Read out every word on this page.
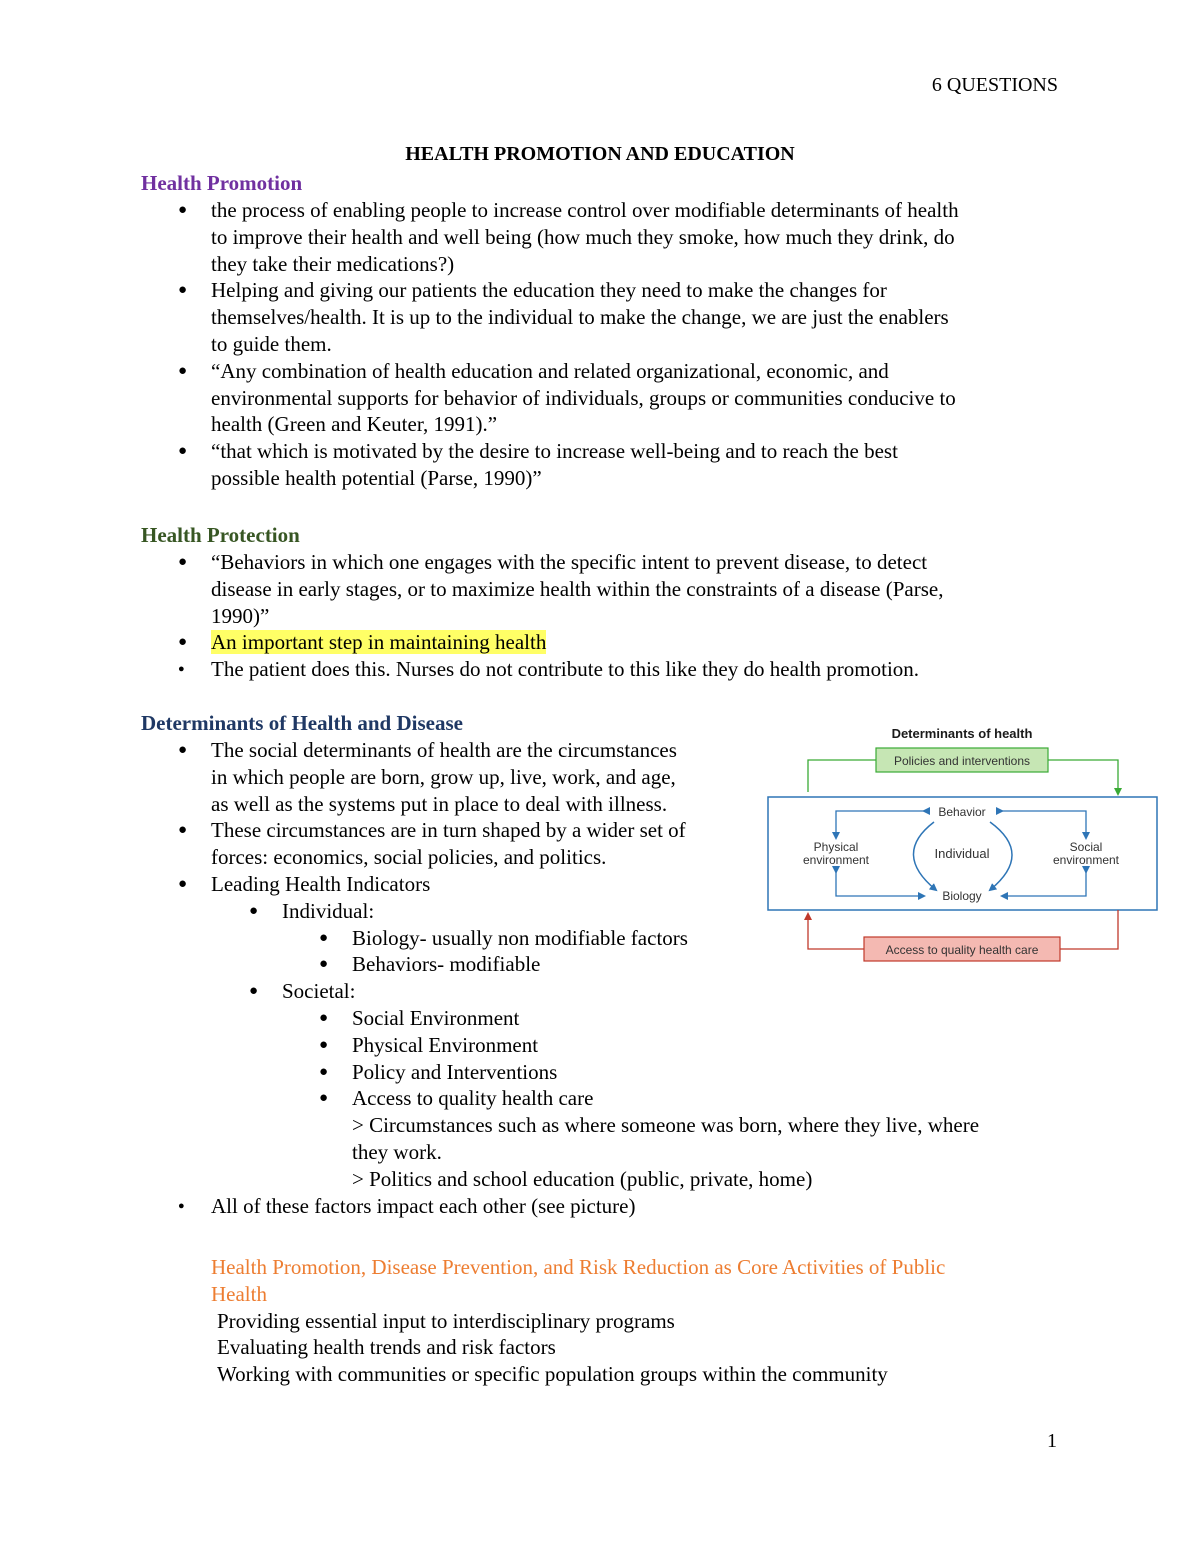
6 QUESTIONS
HEALTH PROMOTION AND EDUCATION
Health Promotion
● the process of enabling people to increase control over modifiable determinants of health
to improve their health and well being (how much they smoke, how much they drink, do
they take their medications?)
● Helping and giving our patients the education they need to make the changes for
themselves/health. It is up to the individual to make the change, we are just the enablers
to guide them.
● “Any combination of health education and related organizational, economic, and
environmental supports for behavior of individuals, groups or communities conducive to
health (Green and Keuter, 1991).”
● “that which is motivated by the desire to increase well-being and to reach the best
possible health potential (Parse, 1990)”
Health Protection
● “Behaviors in which one engages with the specific intent to prevent disease, to detect
disease in early stages, or to maximize health within the constraints of a disease (Parse,
1990)”
● An important step in maintaining health
● The patient does this. Nurses do not contribute to this like they do health promotion.
Determinants of Health and Disease
● The social determinants of health are the circumstances
in which people are born, grow up, live, work, and age,
as well as the systems put in place to deal with illness.
● These circumstances are in turn shaped by a wider set of
forces: economics, social policies, and politics.
● Leading Health Indicators
● Individual:
● Biology- usually non modifiable factors
● Behaviors- modifiable
● Societal:
● Social Environment
● Physical Environment
● Policy and Interventions
● Access to quality health care
> Circumstances such as where someone was born, where they live, where
they work.
> Politics and school education (public, private, home)
● All of these factors impact each other (see picture)
Health Promotion, Disease Prevention, and Risk Reduction as Core Activities of Public
Health
Providing essential input to interdisciplinary programs
Evaluating health trends and risk factors
Working with communities or specific population groups within the community
Determinants of health
Policies and interventions
Behavior
Individual
Biology
Physical
environment
Social
environment
Access to quality health care
1
